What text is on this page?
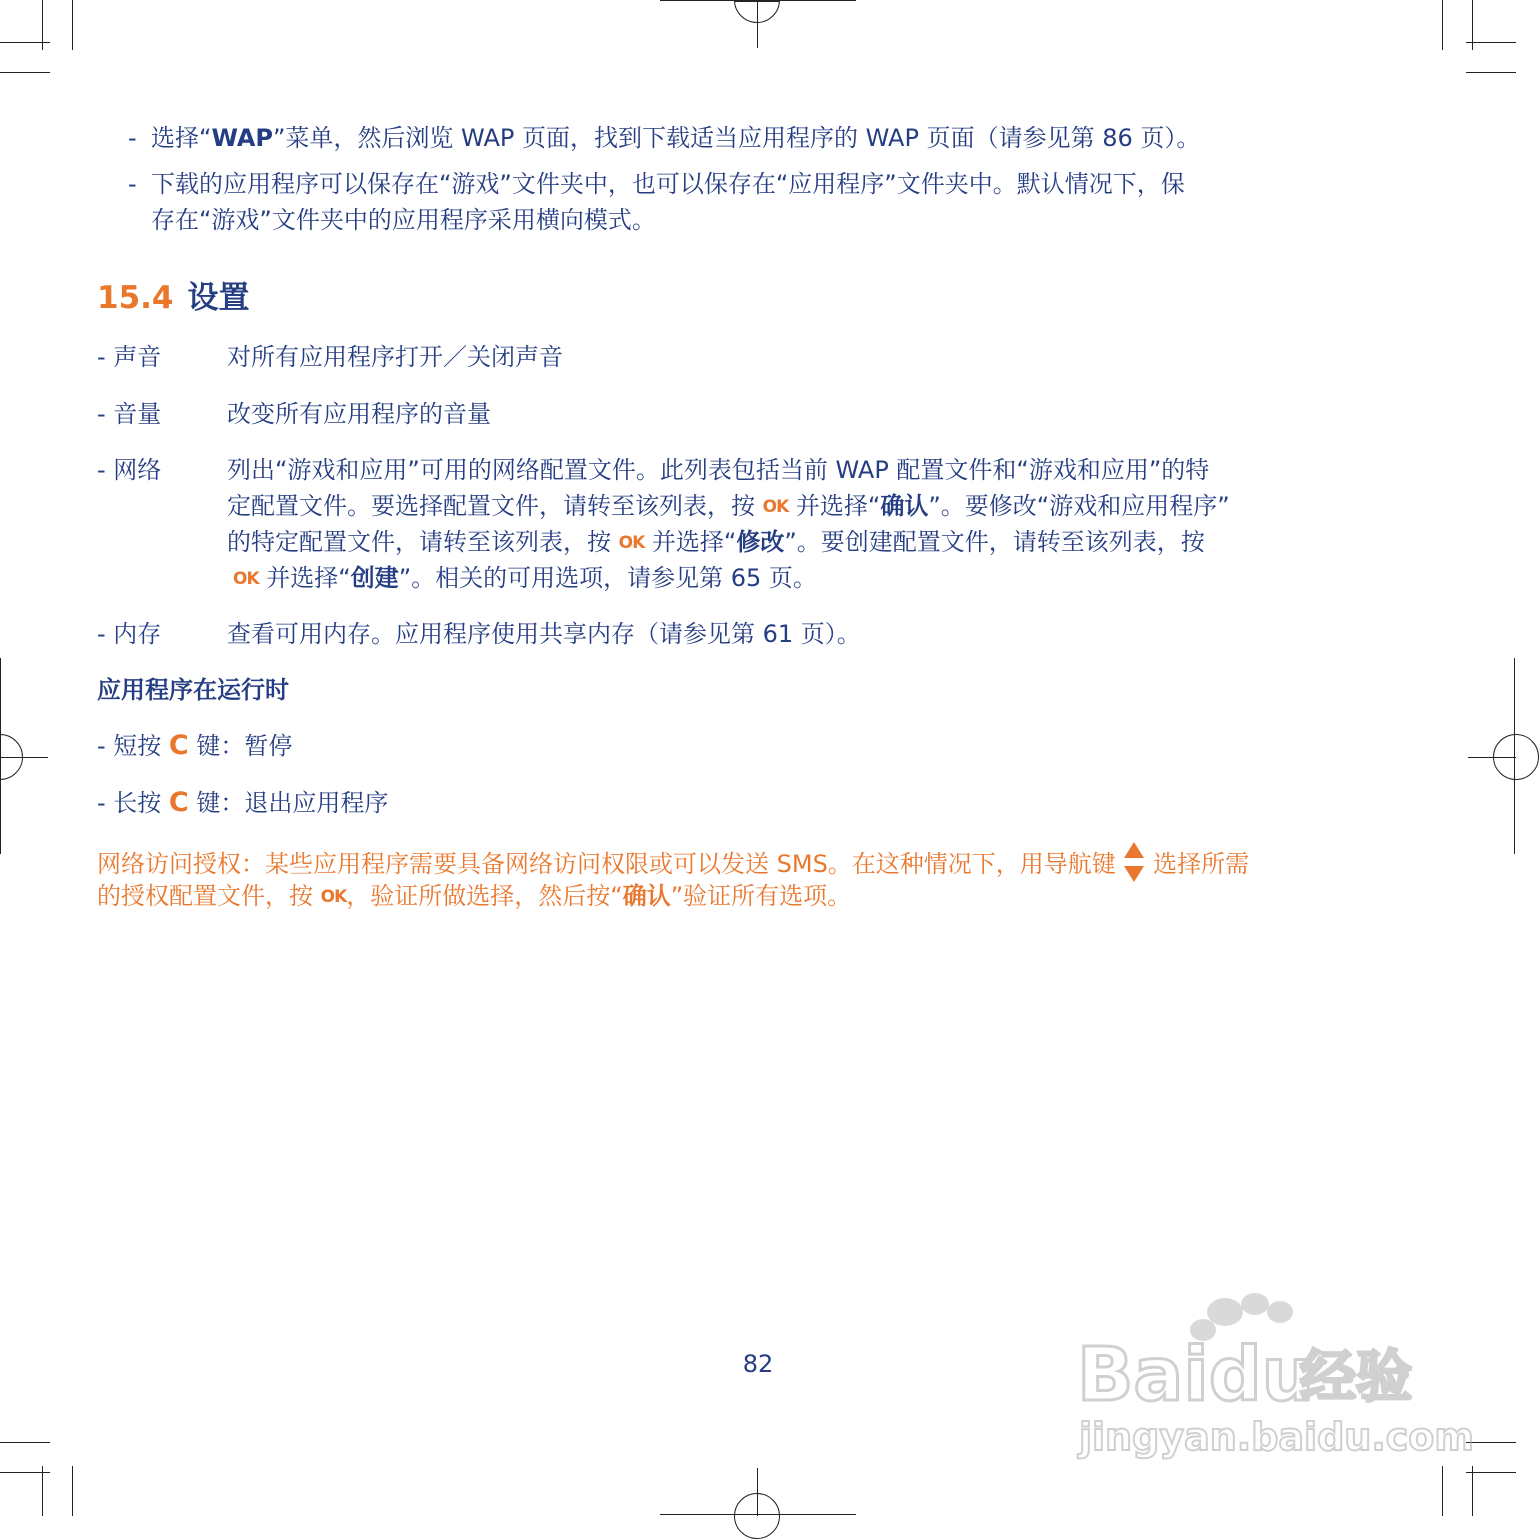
- 选择“WAP”菜单，然后浏览 WAP 页面，找到下载适当应用程序的 WAP 页面（请参见第 86 页）。
- 下载的应用程序可以保存在“游戏”文件夹中，也可以保存在“应用程序”文件夹中。默认情况下，保
存在“游戏”文件夹中的应用程序采用横向模式。
15.4 设置
- 声音	对所有应用程序打开／关闭声音
- 音量	改变所有应用程序的音量
- 网络	列出“游戏和应用”可用的网络配置文件。此列表包括当前 WAP 配置文件和“游戏和应用”的特
定配置文件。要选择配置文件，请转至该列表，按 OK 并选择“确认”。要修改“游戏和应用程序”
的特定配置文件，请转至该列表，按 OK 并选择“修改”。要创建配置文件，请转至该列表，按
OK 并选择“创建”。相关的可用选项，请参见第 65 页。
- 内存	查看可用内存。应用程序使用共享内存（请参见第 61 页）。
应用程序在运行时
- 短按 C 键：暂停
- 长按 C 键：退出应用程序
网络访问授权：某些应用程序需要具备网络访问权限或可以发送 SMS。在这种情况下，用导航键  选择所需
的授权配置文件，按 OK，验证所做选择，然后按“确认”验证所有选项。
82	Baidu
经验
jingyan.baidu.com
